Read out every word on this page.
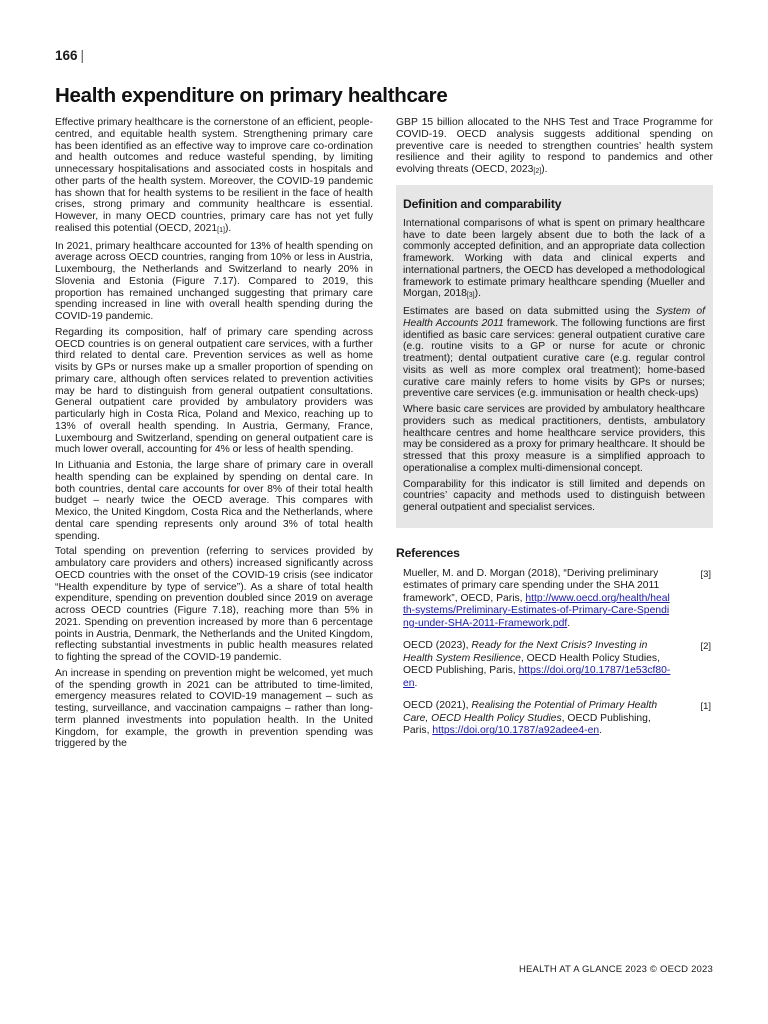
166 |
Health expenditure on primary healthcare

Effective primary healthcare is the cornerstone of an efficient, people-centred, and equitable health system. Strengthening primary care has been identified as an effective way to improve care co-ordination and health outcomes and reduce wasteful spending, by limiting unnecessary hospitalisations and associated costs in hospitals and other parts of the health system. Moreover, the COVID-19 pandemic has shown that for health systems to be resilient in the face of health crises, strong primary and community healthcare is essential. However, in many OECD countries, primary care has not yet fully realised this potential (OECD, $2021_{[1]}$).

In 2021, primary healthcare accounted for 13% of health spending on average across OECD countries, ranging from 10% or less in Austria, Luxembourg, the Netherlands and Switzerland to nearly 20% in Slovenia and Estonia (Figure 7.17). Compared to 2019, this proportion has remained unchanged suggesting that primary care spending increased in line with overall health spending during the COVID-19 pandemic.

Regarding its composition, half of primary care spending across OECD countries is on general outpatient care services, with a further third related to dental care. Prevention services as well as home visits by GPs or nurses make up a smaller proportion of spending on primary care, although often services related to prevention activities may be hard to distinguish from general outpatient consultations. General outpatient care provided by ambulatory providers was particularly high in Costa Rica, Poland and Mexico, reaching up to 13% of overall health spending. In Austria, Germany, France, Luxembourg and Switzerland, spending on general outpatient care is much lower overall, accounting for 4% or less of health spending.

In Lithuania and Estonia, the large share of primary care in overall health spending can be explained by spending on dental care. In both countries, dental care accounts for over 8% of their total health budget – nearly twice the OECD average. This compares with Mexico, the United Kingdom, Costa Rica and the Netherlands, where dental care spending represents only around 3% of total health spending.

Total spending on prevention (referring to services provided by ambulatory care providers and others) increased significantly across OECD countries with the onset of the COVID-19 crisis (see indicator “Health expenditure by type of service”). As a share of total health expenditure, spending on prevention doubled since 2019 on average across OECD countries (Figure 7.18), reaching more than 5% in 2021. Spending on prevention increased by more than 6 percentage points in Austria, Denmark, the Netherlands and the United Kingdom, reflecting substantial investments in public health measures related to fighting the spread of the COVID-19 pandemic.

An increase in spending on prevention might be welcomed, yet much of the spending growth in 2021 can be attributed to time-limited, emergency measures related to COVID-19 management – such as testing, surveillance, and vaccination campaigns – rather than long-term planned investments into population health. In the United Kingdom, for example, the growth in prevention spending was triggered by the

GBP 15 billion allocated to the NHS Test and Trace Programme for COVID-19. OECD analysis suggests additional spending on preventive care is needed to strengthen countries’ health system resilience and their agility to respond to pandemics and other evolving threats (OECD, $2023_{[2]}$).

Definition and comparability

International comparisons of what is spent on primary healthcare have to date been largely absent due to both the lack of a commonly accepted definition, and an appropriate data collection framework. Working with data and clinical experts and international partners, the OECD has developed a methodological framework to estimate primary healthcare spending (Mueller and Morgan, $2018_{[3]}$).

Estimates are based on data submitted using the System of Health Accounts 2011 framework. The following functions are first identified as basic care services: general outpatient curative care (e.g. routine visits to a GP or nurse for acute or chronic treatment); dental outpatient curative care (e.g. regular control visits as well as more complex oral treatment); home-based curative care mainly refers to home visits by GPs or nurses; preventive care services (e.g. immunisation or health check-ups)

Where basic care services are provided by ambulatory healthcare providers such as medical practitioners, dentists, ambulatory healthcare centres and home healthcare service providers, this may be considered as a proxy for primary healthcare. It should be stressed that this proxy measure is a simplified approach to operationalise a complex multi-dimensional concept.

Comparability for this indicator is still limited and depends on countries’ capacity and methods used to distinguish between general outpatient and specialist services.

References
Mueller, M. and D. Morgan (2018), “Deriving preliminary estimates of primary care spending under the SHA 2011 framework”, OECD, Paris, http://www.oecd.org/health/health-systems/Preliminary-Estimates-of-Primary-Care-Spending-under-SHA-2011-Framework.pdf.
[3]
OECD (2023), Ready for the Next Crisis? Investing in Health System Resilience, OECD Health Policy Studies, OECD Publishing, Paris, https://doi.org/10.1787/1e53cf80-en.
[2]
OECD (2021), Realising the Potential of Primary Health Care, OECD Health Policy Studies, OECD Publishing, Paris, https://doi.org/10.1787/a92adee4-en.
[1]
HEALTH AT A GLANCE 2023 © OECD 2023
